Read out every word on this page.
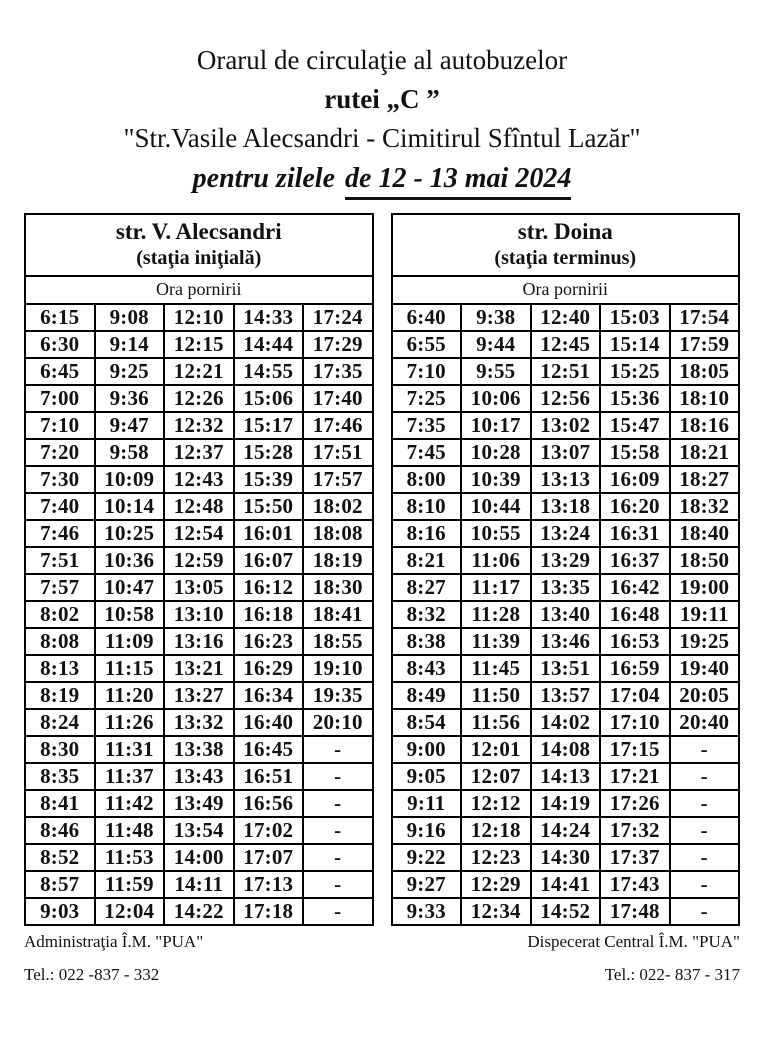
Orarul de circulaţie al autobuzelor
rutei „C ”
"Str.Vasile Alecsandri - Cimitirul Sfîntul Lazăr"
pentru zilele de 12 - 13 mai 2024
str. V. Alecsandri
(staţia iniţială)				

Ora pornirii				
6:15	9:08	12:10	14:33	17:24
6:30	9:14	12:15	14:44	17:29
6:45	9:25	12:21	14:55	17:35
7:00	9:36	12:26	15:06	17:40
7:10	9:47	12:32	15:17	17:46
7:20	9:58	12:37	15:28	17:51
7:30	10:09	12:43	15:39	17:57
7:40	10:14	12:48	15:50	18:02
7:46	10:25	12:54	16:01	18:08
7:51	10:36	12:59	16:07	18:19
7:57	10:47	13:05	16:12	18:30
8:02	10:58	13:10	16:18	18:41
8:08	11:09	13:16	16:23	18:55
8:13	11:15	13:21	16:29	19:10
8:19	11:20	13:27	16:34	19:35
8:24	11:26	13:32	16:40	20:10
8:30	11:31	13:38	16:45	-
8:35	11:37	13:43	16:51	-
8:41	11:42	13:49	16:56	-
8:46	11:48	13:54	17:02	-
8:52	11:53	14:00	17:07	-
8:57	11:59	14:11	17:13	-
9:03	12:04	14:22	17:18	-
str. Doina
(staţia terminus)				

Ora pornirii				
6:40	9:38	12:40	15:03	17:54
6:55	9:44	12:45	15:14	17:59
7:10	9:55	12:51	15:25	18:05
7:25	10:06	12:56	15:36	18:10
7:35	10:17	13:02	15:47	18:16
7:45	10:28	13:07	15:58	18:21
8:00	10:39	13:13	16:09	18:27
8:10	10:44	13:18	16:20	18:32
8:16	10:55	13:24	16:31	18:40
8:21	11:06	13:29	16:37	18:50
8:27	11:17	13:35	16:42	19:00
8:32	11:28	13:40	16:48	19:11
8:38	11:39	13:46	16:53	19:25
8:43	11:45	13:51	16:59	19:40
8:49	11:50	13:57	17:04	20:05
8:54	11:56	14:02	17:10	20:40
9:00	12:01	14:08	17:15	-
9:05	12:07	14:13	17:21	-
9:11	12:12	14:19	17:26	-
9:16	12:18	14:24	17:32	-
9:22	12:23	14:30	17:37	-
9:27	12:29	14:41	17:43	-
9:33	12:34	14:52	17:48	-
Administraţia Î.M. "PUA"
Tel.: 022 -837 - 332
Dispecerat Central Î.M. "PUA"
Tel.: 022- 837 - 317
